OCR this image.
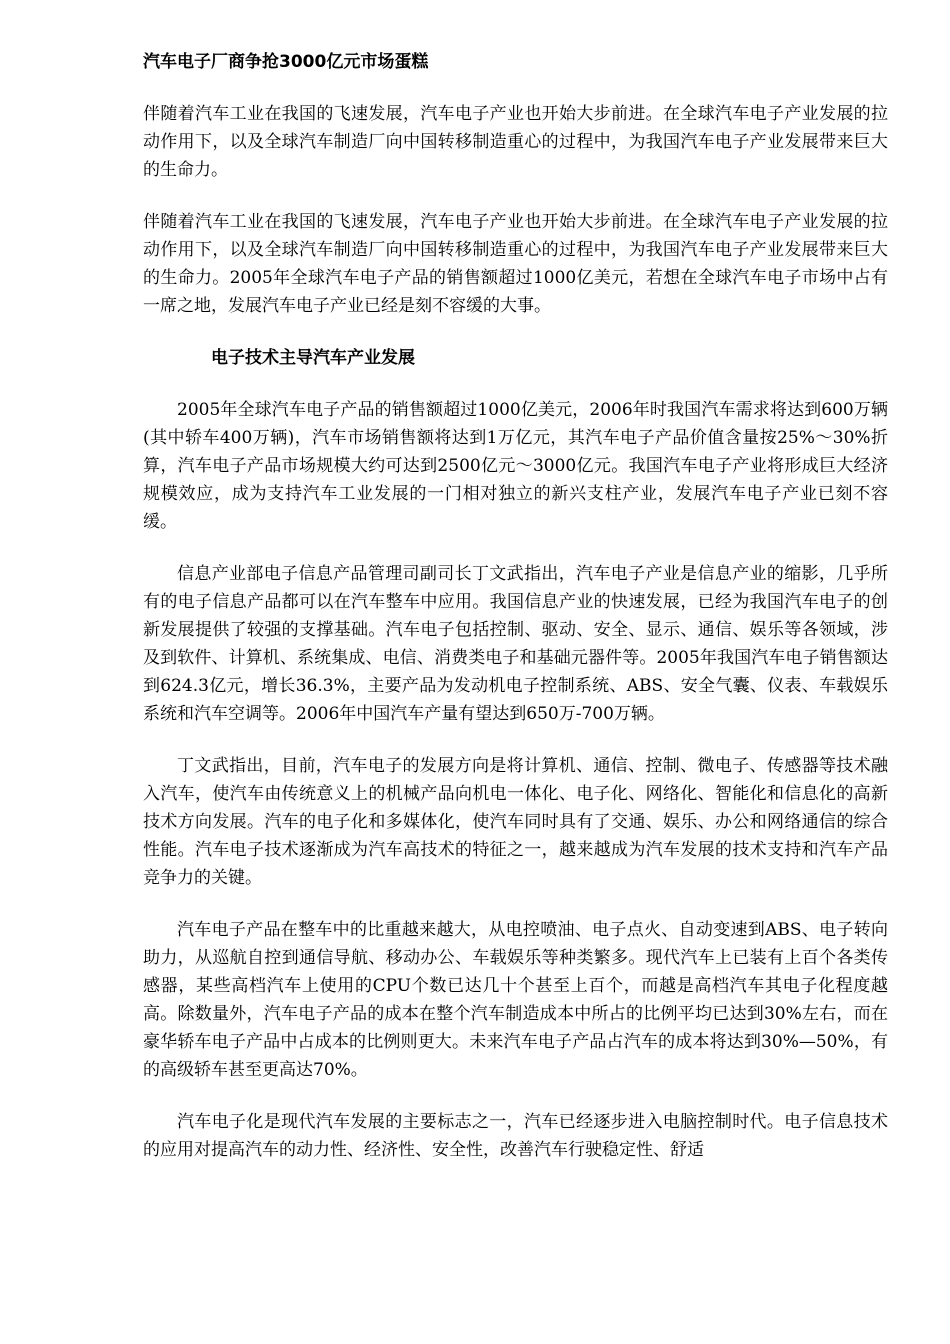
汽车电子厂商争抢3000亿元市场蛋糕

伴随着汽车工业在我国的飞速发展，汽车电子产业也开始大步前进。在全球汽车电子产业发展的拉动作用下，以及全球汽车制造厂向中国转移制造重心的过程中，为我国汽车电子产业发展带来巨大的生命力。

伴随着汽车工业在我国的飞速发展，汽车电子产业也开始大步前进。在全球汽车电子产业发展的拉动作用下，以及全球汽车制造厂向中国转移制造重心的过程中，为我国汽车电子产业发展带来巨大的生命力。2005年全球汽车电子产品的销售额超过1000亿美元，若想在全球汽车电子市场中占有一席之地，发展汽车电子产业已经是刻不容缓的大事。

电子技术主导汽车产业发展

2005年全球汽车电子产品的销售额超过1000亿美元，2006年时我国汽车需求将达到600万辆(其中轿车400万辆)，汽车市场销售额将达到1万亿元，其汽车电子产品价值含量按25%～30%折算，汽车电子产品市场规模大约可达到2500亿元～3000亿元。我国汽车电子产业将形成巨大经济规模效应，成为支持汽车工业发展的一门相对独立的新兴支柱产业，发展汽车电子产业已刻不容缓。

信息产业部电子信息产品管理司副司长丁文武指出，汽车电子产业是信息产业的缩影，几乎所有的电子信息产品都可以在汽车整车中应用。我国信息产业的快速发展，已经为我国汽车电子的创新发展提供了较强的支撑基础。汽车电子包括控制、驱动、安全、显示、通信、娱乐等各领域，涉及到软件、计算机、系统集成、电信、消费类电子和基础元器件等。2005年我国汽车电子销售额达到624.3亿元，增长36.3%，主要产品为发动机电子控制系统、ABS、安全气囊、仪表、车载娱乐系统和汽车空调等。2006年中国汽车产量有望达到650万-700万辆。

丁文武指出，目前，汽车电子的发展方向是将计算机、通信、控制、微电子、传感器等技术融入汽车，使汽车由传统意义上的机械产品向机电一体化、电子化、网络化、智能化和信息化的高新技术方向发展。汽车的电子化和多媒体化，使汽车同时具有了交通、娱乐、办公和网络通信的综合性能。汽车电子技术逐渐成为汽车高技术的特征之一，越来越成为汽车发展的技术支持和汽车产品竞争力的关键。

汽车电子产品在整车中的比重越来越大，从电控喷油、电子点火、自动变速到ABS、电子转向助力，从巡航自控到通信导航、移动办公、车载娱乐等种类繁多。现代汽车上已装有上百个各类传感器，某些高档汽车上使用的CPU个数已达几十个甚至上百个，而越是高档汽车其电子化程度越高。除数量外，汽车电子产品的成本在整个汽车制造成本中所占的比例平均已达到30%左右，而在豪华轿车电子产品中占成本的比例则更大。未来汽车电子产品占汽车的成本将达到30%—50%，有的高级轿车甚至更高达70%。

汽车电子化是现代汽车发展的主要标志之一，汽车已经逐步进入电脑控制时代。电子信息技术的应用对提高汽车的动力性、经济性、安全性，改善汽车行驶稳定性、舒适
